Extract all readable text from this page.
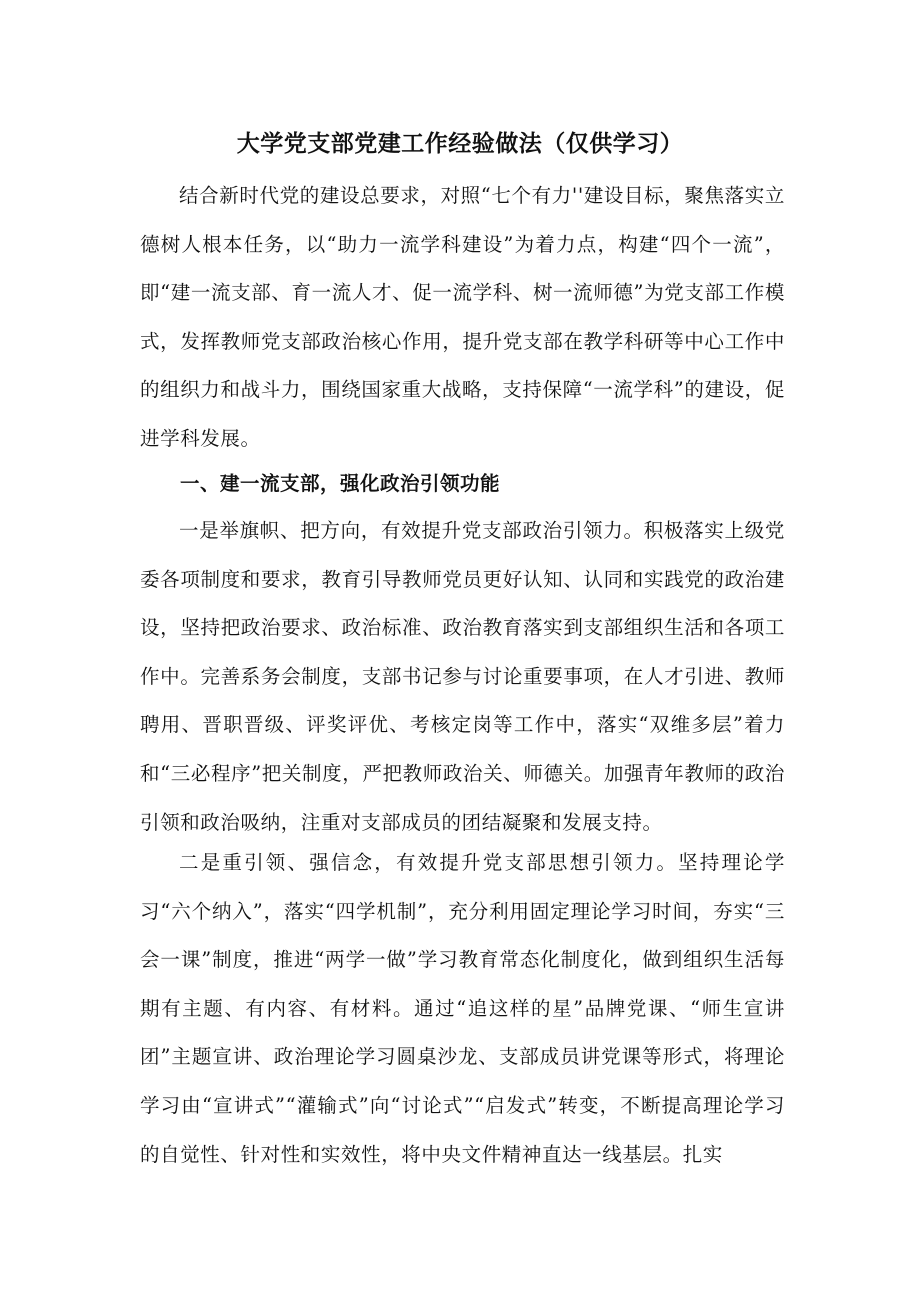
大学党支部党建工作经验做法（仅供学习）

结合新时代党的建设总要求，对照“七个有力''建设目标，聚焦落实立德树人根本任务，以“助力一流学科建设”为着力点，构建“四个一流”，即“建一流支部、育一流人才、促一流学科、树一流师德”为党支部工作模式，发挥教师党支部政治核心作用，提升党支部在教学科研等中心工作中的组织力和战斗力，围绕国家重大战略，支持保障“一流学科”的建设，促进学科发展。

一、建一流支部，强化政治引领功能

一是举旗帜、把方向，有效提升党支部政治引领力。积极落实上级党委各项制度和要求，教育引导教师党员更好认知、认同和实践党的政治建设，坚持把政治要求、政治标准、政治教育落实到支部组织生活和各项工作中。完善系务会制度，支部书记参与讨论重要事项，在人才引进、教师聘用、晋职晋级、评奖评优、考核定岗等工作中，落实“双维多层”着力和“三必程序”把关制度，严把教师政治关、师德关。加强青年教师的政治引领和政治吸纳，注重对支部成员的团结凝聚和发展支持。

二是重引领、强信念，有效提升党支部思想引领力。坚持理论学习“六个纳入”，落实“四学机制”，充分利用固定理论学习时间，夯实“三会一课”制度，推进“两学一做”学习教育常态化制度化，做到组织生活每期有主题、有内容、有材料。通过“追这样的星”品牌党课、“师生宣讲团”主题宣讲、政治理论学习圆桌沙龙、支部成员讲党课等形式，将理论学习由“宣讲式”“灌输式”向“讨论式”“启发式”转变，不断提高理论学习的自觉性、针对性和实效性，将中央文件精神直达一线基层。扎实
